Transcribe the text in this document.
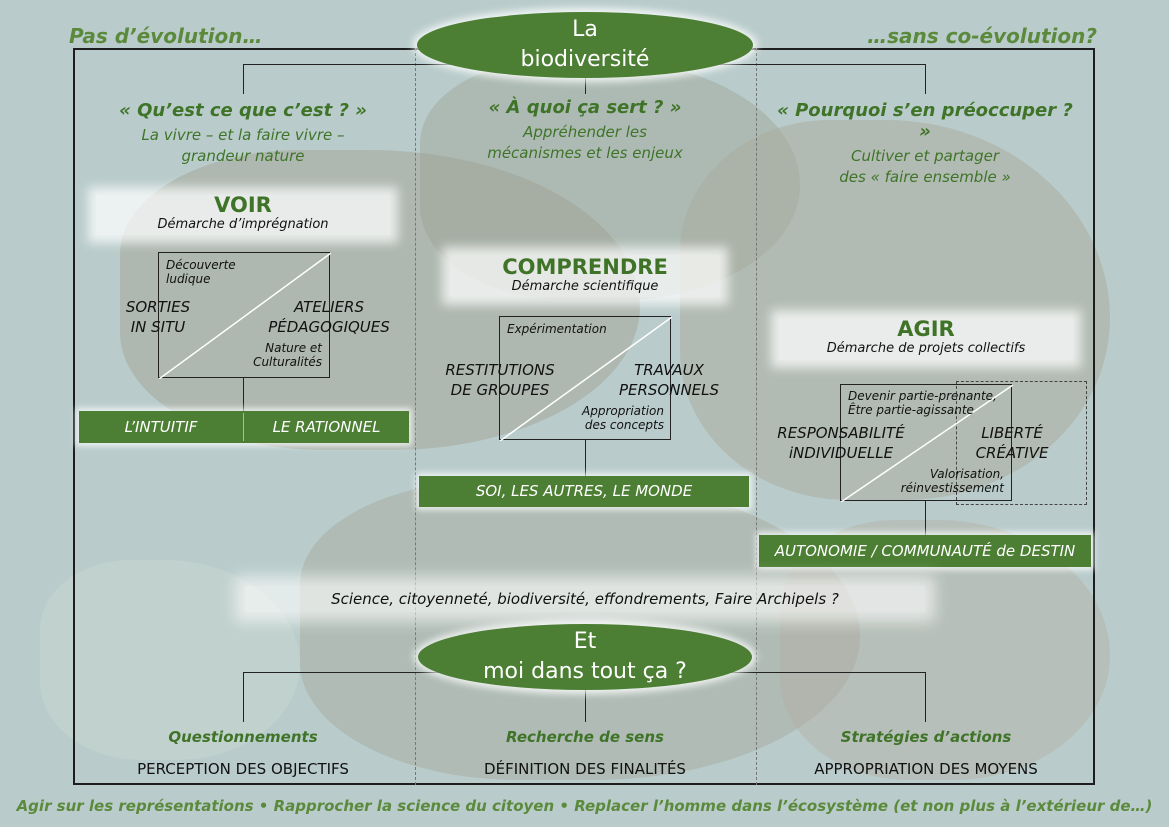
Pas d’évolution…	…sans co-évolution?
La
biodiversité
« Qu’est ce que c’est ? »
La vivre – et la faire vivre –
grandeur nature
« À quoi ça sert ? »
Appréhender les
mécanismes et les enjeux
« Pourquoi s’en préoccuper ? »
Cultiver et partager
des « faire ensemble »
VOIR
Démarche d’imprégnation
Découverte
ludique
SORTIES
IN SITU
ATELIERS
PÉDAGOGIQUES
Nature et
Culturalités
L’INTUITIF	LE RATIONNEL
COMPRENDRE
Démarche scientifique
Expérimentation
RESTITUTIONS
DE GROUPES
TRAVAUX
PERSONNELS
Appropriation
des concepts
SOI, LES AUTRES, LE MONDE
AGIR
Démarche de projets collectifs
Devenir partie-prenante,
Être partie-agissante
RESPONSABILITÉ
iNDIVIDUELLE
LIBERTÉ
CRÉATIVE
Valorisation,
réinvestissement
AUTONOMIE / COMMUNAUTÉ de DESTIN
Science, citoyenneté, biodiversité, effondrements, Faire Archipels ?
Et
moi dans tout ça ?
Questionnements
PERCEPTION DES OBJECTIFS
Recherche de sens
DÉFINITION DES FINALITÉS
Stratégies d’actions
APPROPRIATION DES MOYENS
Agir sur les représentations • Rapprocher la science du citoyen • Replacer l’homme dans l’écosystème (et non plus à l’extérieur de…)
